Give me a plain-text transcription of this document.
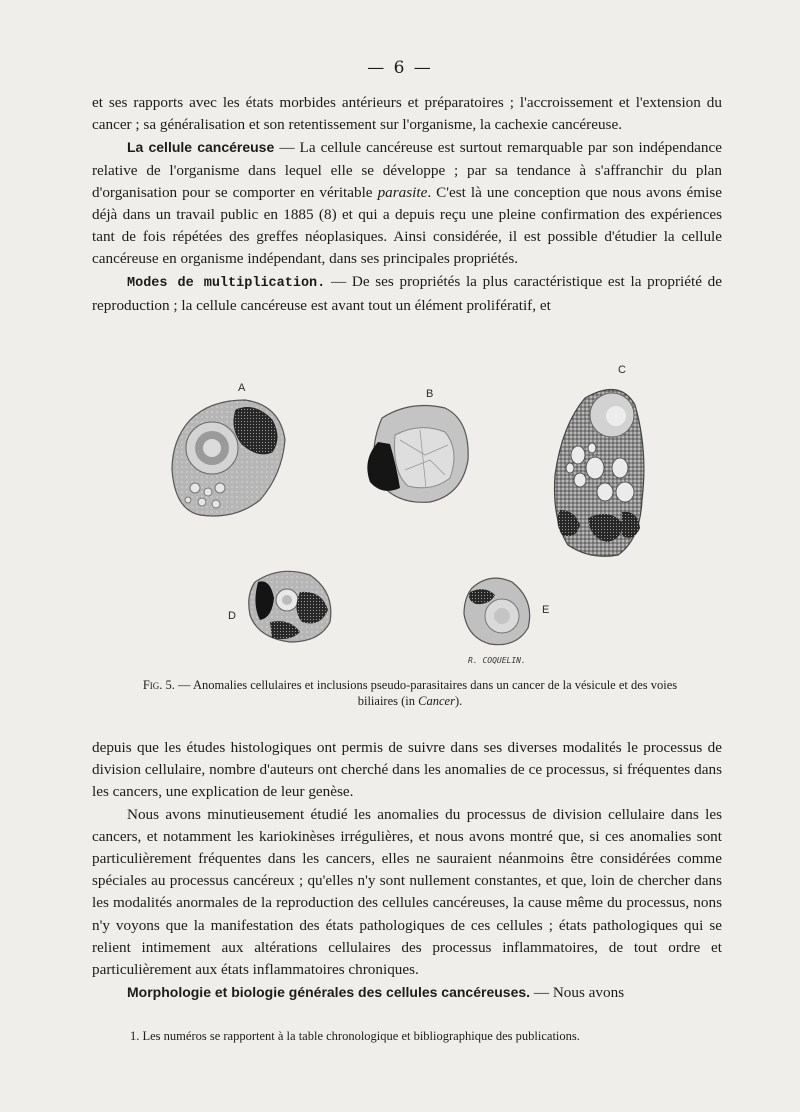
— 6 —

et ses rapports avec les états morbides antérieurs et préparatoires ; l'accroissement et l'extension du cancer ; sa généralisation et son retentissement sur l'organisme, la cachexie cancéreuse.

La cellule cancéreuse — La cellule cancéreuse est surtout remarquable par son indépendance relative de l'organisme dans lequel elle se développe ; par sa tendance à s'affranchir du plan d'organisation pour se comporter en véritable parasite. C'est là une conception que nous avons émise déjà dans un travail public en 1885 (8) et qui a depuis reçu une pleine confirmation des expériences tant de fois répétées des greffes néoplasiques. Ainsi considérée, il est possible d'étudier la cellule cancéreuse en organisme indépendant, dans ses principales propriétés.

Modes de multiplication. — De ses propriétés la plus caractéristique est la propriété de reproduction ; la cellule cancéreuse est avant tout un élément prolifératif, et

A	B
C
D	E
R. COQUELIN.
Fig. 5. — Anomalies cellulaires et inclusions pseudo-parasitaires dans un cancer de la vésicule et des voies biliaires (in Cancer).

depuis que les études histologiques ont permis de suivre dans ses diverses modalités le processus de division cellulaire, nombre d'auteurs ont cherché dans les anomalies de ce processus, si fréquentes dans les cancers, une explication de leur genèse.

Nous avons minutieusement étudié les anomalies du processus de division cellulaire dans les cancers, et notamment les kariokinèses irrégulières, et nous avons montré que, si ces anomalies sont particulièrement fréquentes dans les cancers, elles ne sauraient néanmoins être considérées comme spéciales au processus cancéreux ; qu'elles n'y sont nullement constantes, et que, loin de chercher dans les modalités anormales de la reproduction des cellules cancéreuses, la cause même du processus, nons n'y voyons que la manifestation des états pathologiques de ces cellules ; états pathologiques qui se relient intimement aux altérations cellulaires des processus inflammatoires, de tout ordre et particulièrement aux états inflammatoires chroniques.

Morphologie et biologie générales des cellules cancéreuses. — Nous avons

1. Les numéros se rapportent à la table chronologique et bibliographique des publications.
